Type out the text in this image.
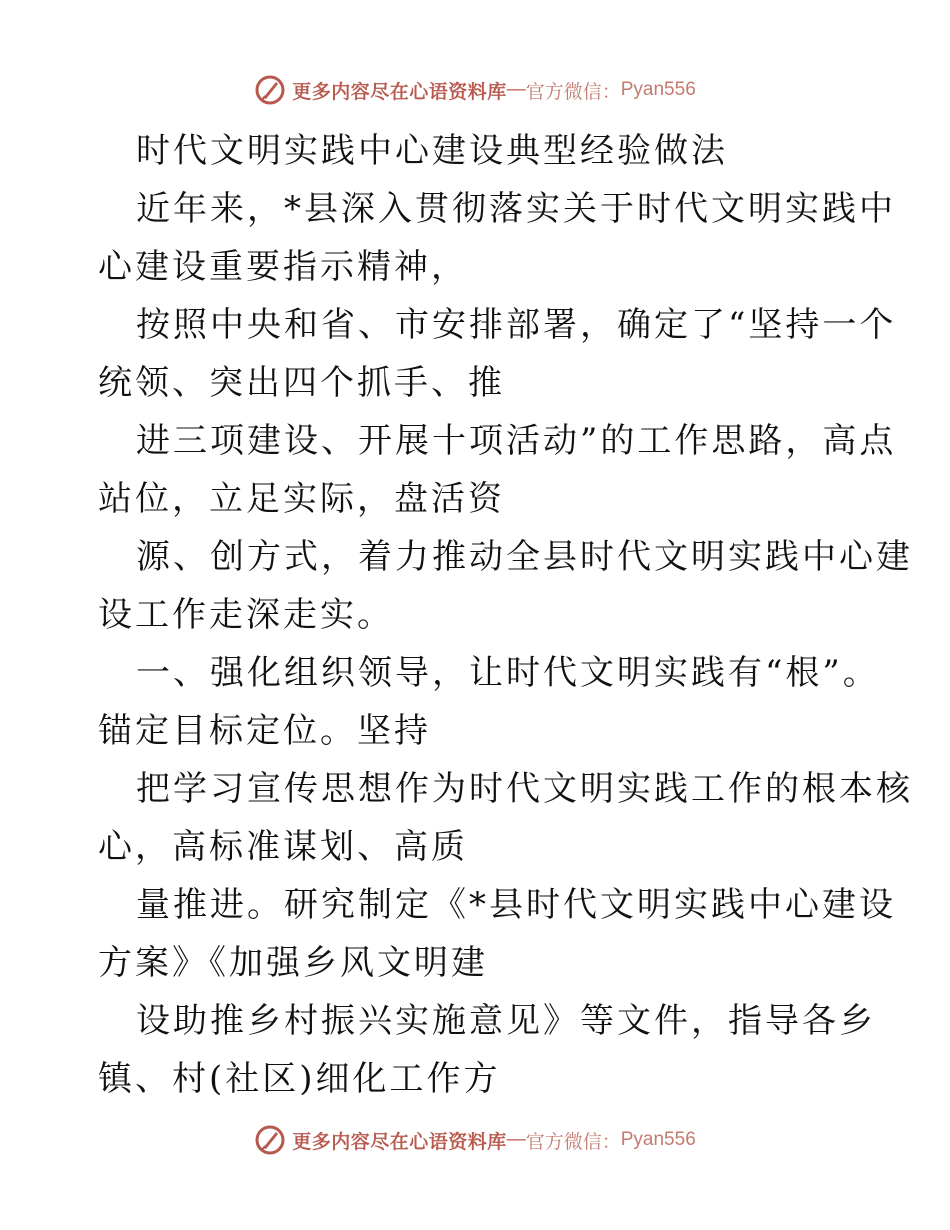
更多内容尽在心语资料库 — 官方微信： Pyan556
时代文明实践中心建设典型经验做法
近年来，*县深入贯彻落实关于时代文明实践中
心建设重要指示精神，
按照中央和省、市安排部署，确定了“坚持一个
统领、突出四个抓手、推
进三项建设、开展十项活动”的工作思路，高点
站位，立足实际，盘活资
源、创方式，着力推动全县时代文明实践中心建
设工作走深走实。
一、强化组织领导，让时代文明实践有“根”。
锚定目标定位。坚持
把学习宣传思想作为时代文明实践工作的根本核
心，高标准谋划、高质
量推进。研究制定《*县时代文明实践中心建设
方案》《加强乡风文明建
设助推乡村振兴实施意见》等文件，指导各乡
镇、村(社区)细化工作方
更多内容尽在心语资料库 — 官方微信： Pyan556
